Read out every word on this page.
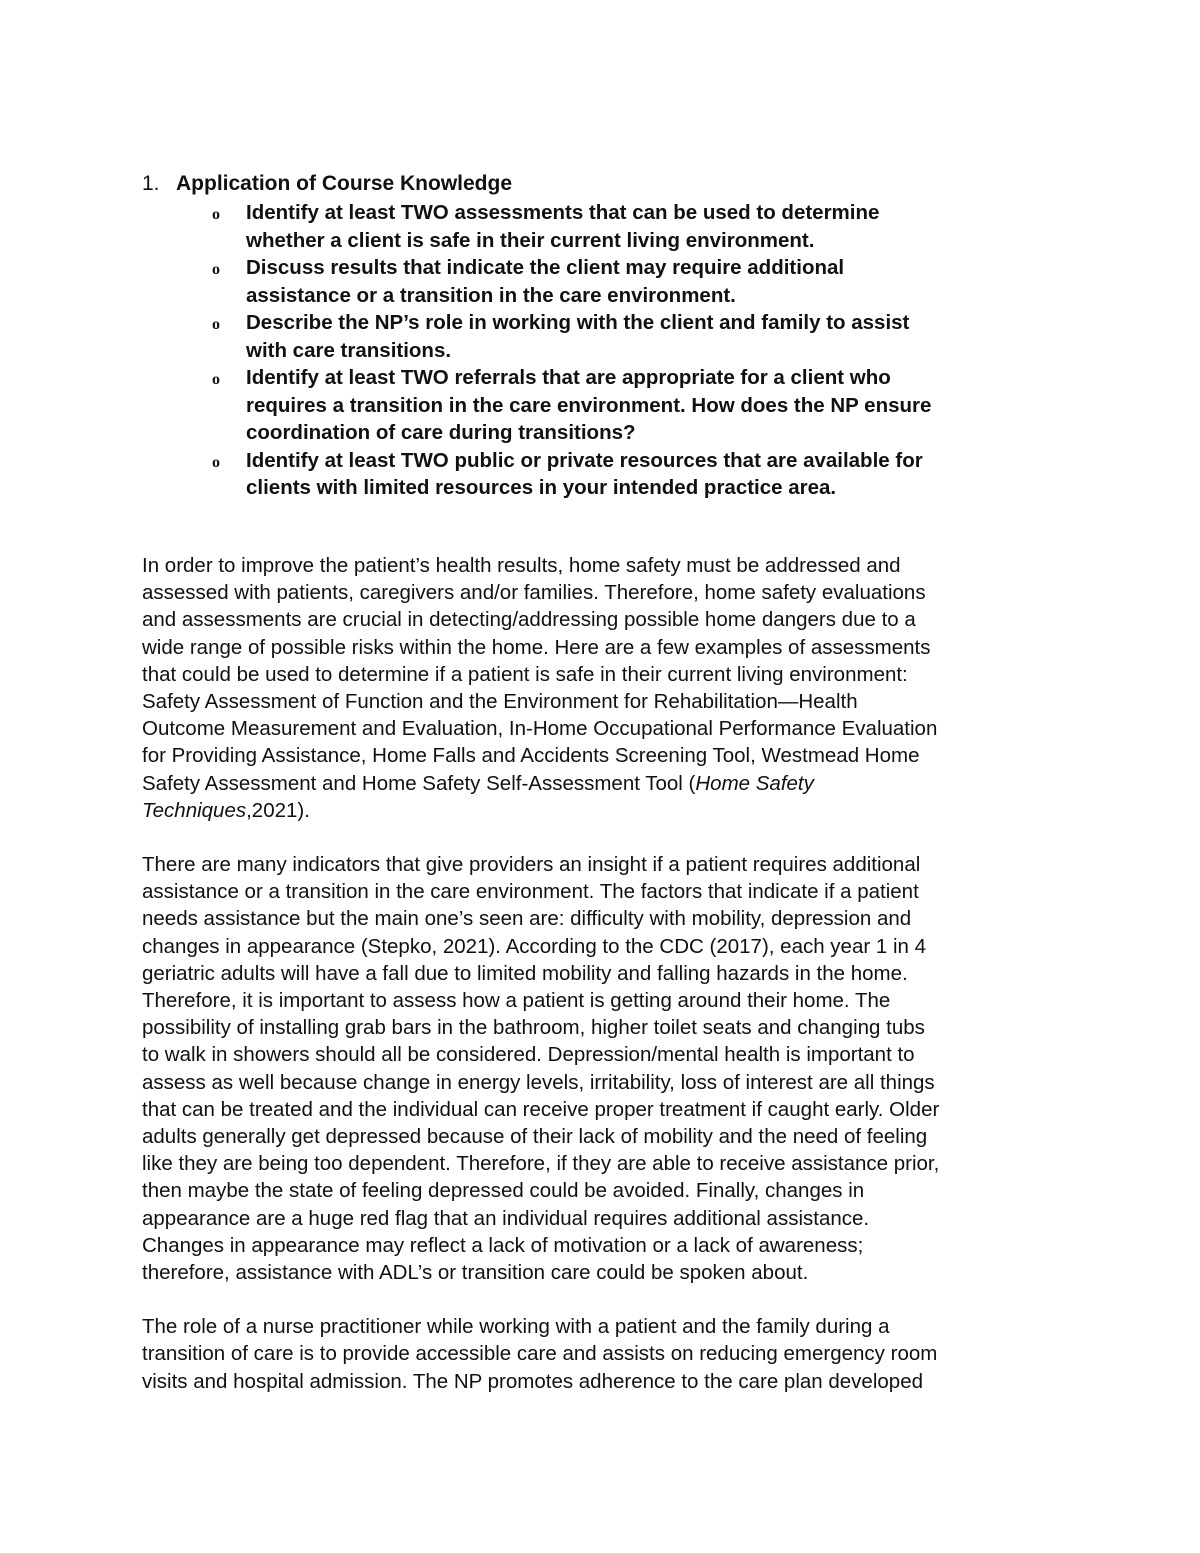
1. Application of Course Knowledge
o	Identify at least TWO assessments that can be used to determine
whether a client is safe in their current living environment.
o	Discuss results that indicate the client may require additional
assistance or a transition in the care environment.
o	Describe the NP’s role in working with the client and family to assist
with care transitions.
o	Identify at least TWO referrals that are appropriate for a client who
requires a transition in the care environment. How does the NP ensure
coordination of care during transitions?
o	Identify at least TWO public or private resources that are available for
clients with limited resources in your intended practice area.

In order to improve the patient’s health results, home safety must be addressed and
assessed with patients, caregivers and/or families. Therefore, home safety evaluations
and assessments are crucial in detecting/addressing possible home dangers due to a
wide range of possible risks within the home. Here are a few examples of assessments
that could be used to determine if a patient is safe in their current living environment:
Safety Assessment of Function and the Environment for Rehabilitation—Health
Outcome Measurement and Evaluation, In-Home Occupational Performance Evaluation
for Providing Assistance, Home Falls and Accidents Screening Tool, Westmead Home
Safety Assessment and Home Safety Self-Assessment Tool (Home Safety
Techniques,2021).

There are many indicators that give providers an insight if a patient requires additional
assistance or a transition in the care environment. The factors that indicate if a patient
needs assistance but the main one’s seen are: difficulty with mobility, depression and
changes in appearance (Stepko, 2021). According to the CDC (2017), each year 1 in 4
geriatric adults will have a fall due to limited mobility and falling hazards in the home.
Therefore, it is important to assess how a patient is getting around their home. The
possibility of installing grab bars in the bathroom, higher toilet seats and changing tubs
to walk in showers should all be considered. Depression/mental health is important to
assess as well because change in energy levels, irritability, loss of interest are all things
that can be treated and the individual can receive proper treatment if caught early. Older
adults generally get depressed because of their lack of mobility and the need of feeling
like they are being too dependent. Therefore, if they are able to receive assistance prior,
then maybe the state of feeling depressed could be avoided. Finally, changes in
appearance are a huge red flag that an individual requires additional assistance.
Changes in appearance may reflect a lack of motivation or a lack of awareness;
therefore, assistance with ADL’s or transition care could be spoken about.

The role of a nurse practitioner while working with a patient and the family during a
transition of care is to provide accessible care and assists on reducing emergency room
visits and hospital admission. The NP promotes adherence to the care plan developed
